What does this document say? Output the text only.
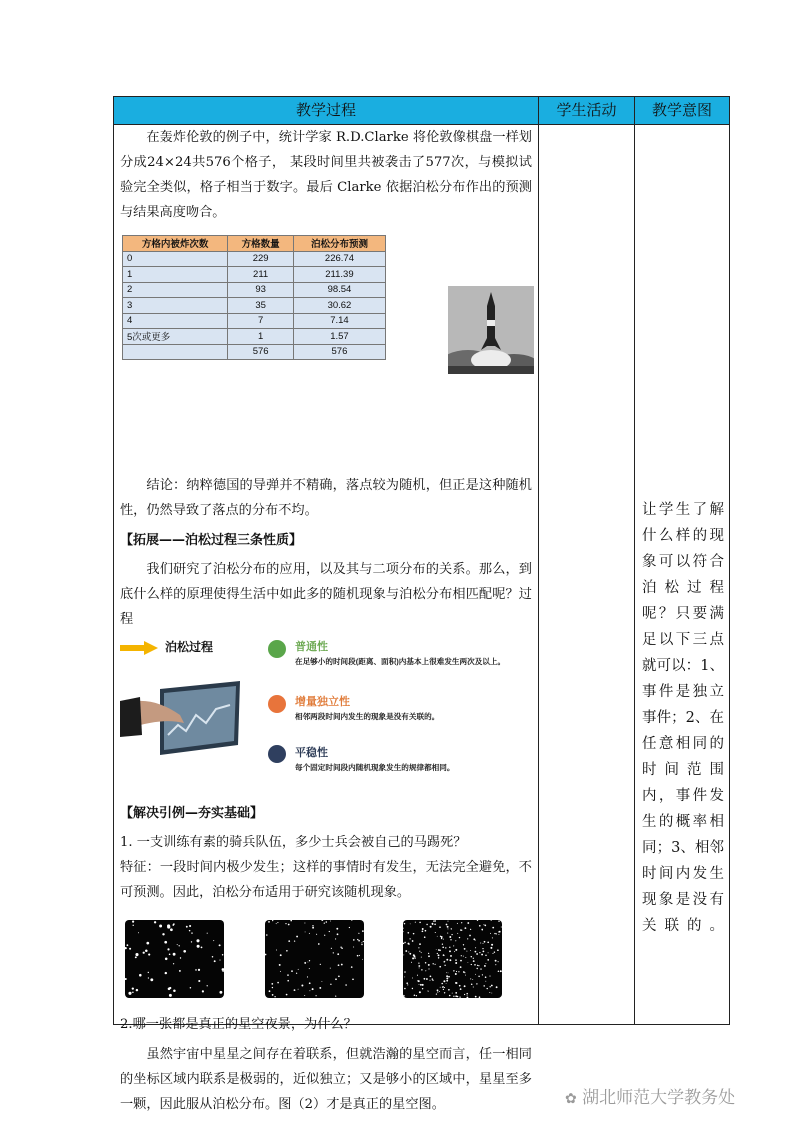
教学过程	学生活动	教学意图

在轰炸伦敦的例子中，统计学家 R.D.Clarke 将伦敦像棋盘一样划分成24×24共576个格子， 某段时间里共被袭击了577次，与模拟试验完全类似，格子相当于数字。最后 Clarke 依据泊松分布作出的预测与结果高度吻合。

方格内被炸次数	方格数量	泊松分布预测
0	229	226.74
1	211	211.39
2	93	98.54
3	35	30.62
4	7	7.14
5次或更多	1	1.57
	576	576

结论：纳粹德国的导弹并不精确，落点较为随机，但正是这种随机性，仍然导致了落点的分布不均。

【拓展——泊松过程三条性质】

我们研究了泊松分布的应用，以及其与二项分布的关系。那么，到底什么样的原理使得生活中如此多的随机现象与泊松分布相匹配呢？过程

泊松过程	普通性
在足够小的时间段(距离、面积)内基本上很难发生两次及以上。
增量独立性
相邻两段时间内发生的现象是没有关联的。
平稳性
每个固定时间段内随机现象发生的规律都相同。

【解决引例—夯实基础】

1. 一支训练有素的骑兵队伍，多少士兵会被自己的马踢死？

特征：一段时间内极少发生；这样的事情时有发生，无法完全避免，不可预测。因此，泊松分布适用于研究该随机现象。

2.哪一张都是真正的星空夜景，为什么？

虽然宇宙中星星之间存在着联系，但就浩瀚的星空而言，任一相同的坐标区域内联系是极弱的，近似独立；又是够小的区域中，星星至多一颗，因此服从泊松分布。图（2）才是真正的星空图。

让学生了解什么样的现象可以符合泊松过程呢？只要满足以下三点就可以：1、事件是独立事件；2、在任意相同的时间范围内，事件发生的概率相同；3、相邻时间内发生现象是没有关联的。
✿ 湖北师范大学教务处
